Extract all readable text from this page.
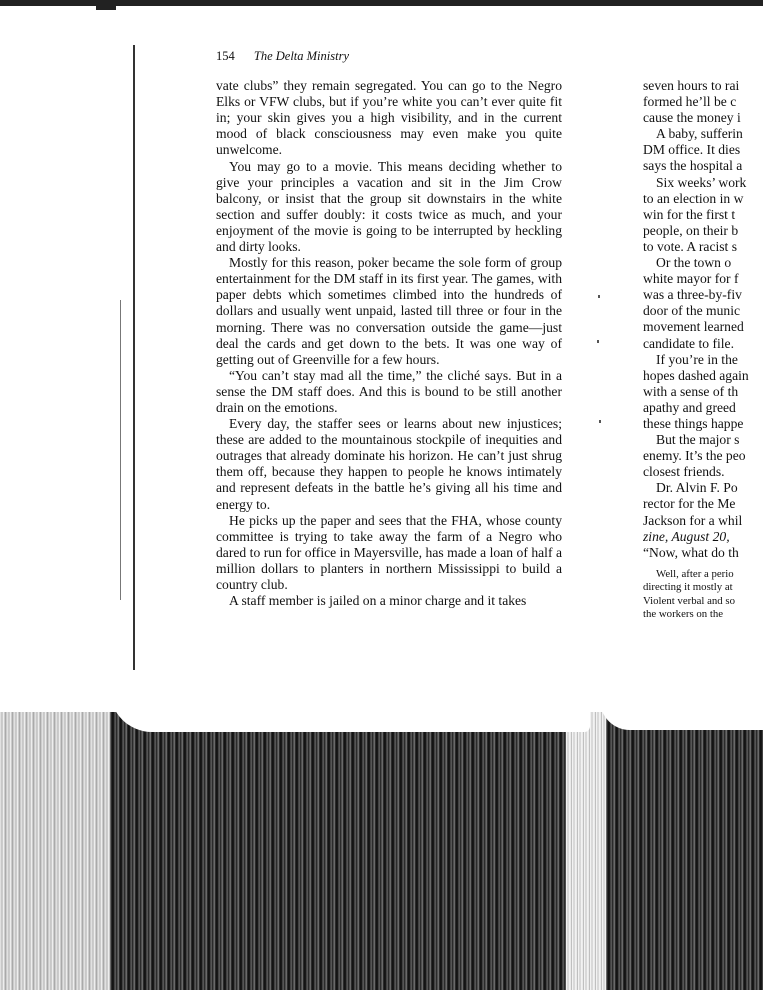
154 The Delta Ministry

vate clubs” they remain segregated. You can go to the Negro Elks or VFW clubs, but if you’re white you can’t ever quite fit in; your skin gives you a high visibility, and in the current mood of black consciousness may even make you quite unwelcome.

You may go to a movie. This means deciding whether to give your principles a vacation and sit in the Jim Crow balcony, or insist that the group sit downstairs in the white section and suffer doubly: it costs twice as much, and your enjoyment of the movie is going to be interrupted by heckling and dirty looks.

Mostly for this reason, poker became the sole form of group entertainment for the DM staff in its first year. The games, with paper debts which sometimes climbed into the hundreds of dollars and usually went unpaid, lasted till three or four in the morning. There was no conversation outside the game—just deal the cards and get down to the bets. It was one way of getting out of Greenville for a few hours.

“You can’t stay mad all the time,” the cliché says. But in a sense the DM staff does. And this is bound to be still another drain on the emotions.

Every day, the staffer sees or learns about new injustices; these are added to the mountainous stockpile of inequities and outrages that already dominate his horizon. He can’t just shrug them off, because they happen to people he knows intimately and represent defeats in the battle he’s giving all his time and energy to.

He picks up the paper and sees that the FHA, whose county committee is trying to take away the farm of a Negro who dared to run for office in Mayersville, has made a loan of half a million dollars to planters in northern Mississippi to build a country club.

A staff member is jailed on a minor charge and it takes

seven hours to rai
formed he’ll be c
cause the money i
A baby, sufferin
DM office. It dies
says the hospital a
Six weeks’ work
to an election in w
win for the first t
people, on their b
to vote. A racist s
Or the town o
white mayor for f
was a three-by-fiv
door of the munic
movement learned
candidate to file.
If you’re in the
hopes dashed again
with a sense of th
apathy and greed
these things happe
But the major s
enemy. It’s the peo
closest friends.
Dr. Alvin F. Po
rector for the Me
Jackson for a whil
zine, August 20,
“Now, what do th
Well, after a perio
directing it mostly at
Violent verbal and so
the workers on the
